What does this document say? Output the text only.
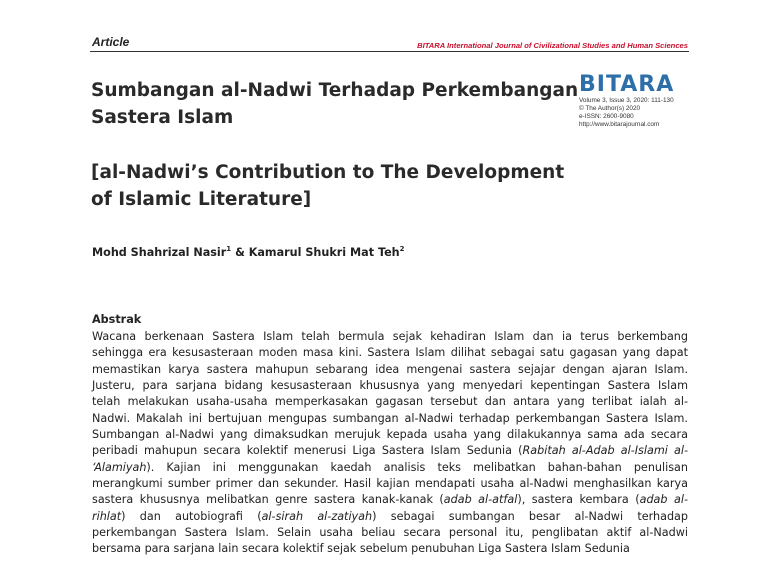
Article	BITARA International Journal of Civilizational Studies and Human Sciences
Sumbangan al-Nadwi Terhadap Perkembangan
Sastera Islam
[al-Nadwi’s Contribution to The Development
of Islamic Literature]
BITARA
Volume 3, Issue 3, 2020: 111-130
© The Author(s) 2020
e-ISSN: 2600-9080
http://www.bitarajournal.com
Mohd Shahrizal Nasir$^1$ & Kamarul Shukri Mat Teh$^2$
Abstrak
Wacana berkenaan Sastera Islam telah bermula sejak kehadiran Islam dan ia terus berkembang
sehingga era kesusasteraan moden masa kini. Sastera Islam dilihat sebagai satu gagasan yang dapat
memastikan karya sastera mahupun sebarang idea mengenai sastera sejajar dengan ajaran Islam.
Justeru, para sarjana bidang kesusasteraan khususnya yang menyedari kepentingan Sastera Islam
telah melakukan usaha-usaha memperkasakan gagasan tersebut dan antara yang terlibat ialah al-
Nadwi. Makalah ini bertujuan mengupas sumbangan al-Nadwi terhadap perkembangan Sastera Islam.
Sumbangan al-Nadwi yang dimaksudkan merujuk kepada usaha yang dilakukannya sama ada secara
peribadi mahupun secara kolektif menerusi Liga Sastera Islam Sedunia (Rabitah al-Adab al-Islami al-
‘Alamiyah). Kajian ini menggunakan kaedah analisis teks melibatkan bahan-bahan penulisan
merangkumi sumber primer dan sekunder. Hasil kajian mendapati usaha al-Nadwi menghasilkan karya
sastera khususnya melibatkan genre sastera kanak-kanak (adab al-atfal), sastera kembara (adab al-
rihlat) dan autobiografi (al-sirah al-zatiyah) sebagai sumbangan besar al-Nadwi terhadap
perkembangan Sastera Islam. Selain usaha beliau secara personal itu, penglibatan aktif al-Nadwi
bersama para sarjana lain secara kolektif sejak sebelum penubuhan Liga Sastera Islam Sedunia
